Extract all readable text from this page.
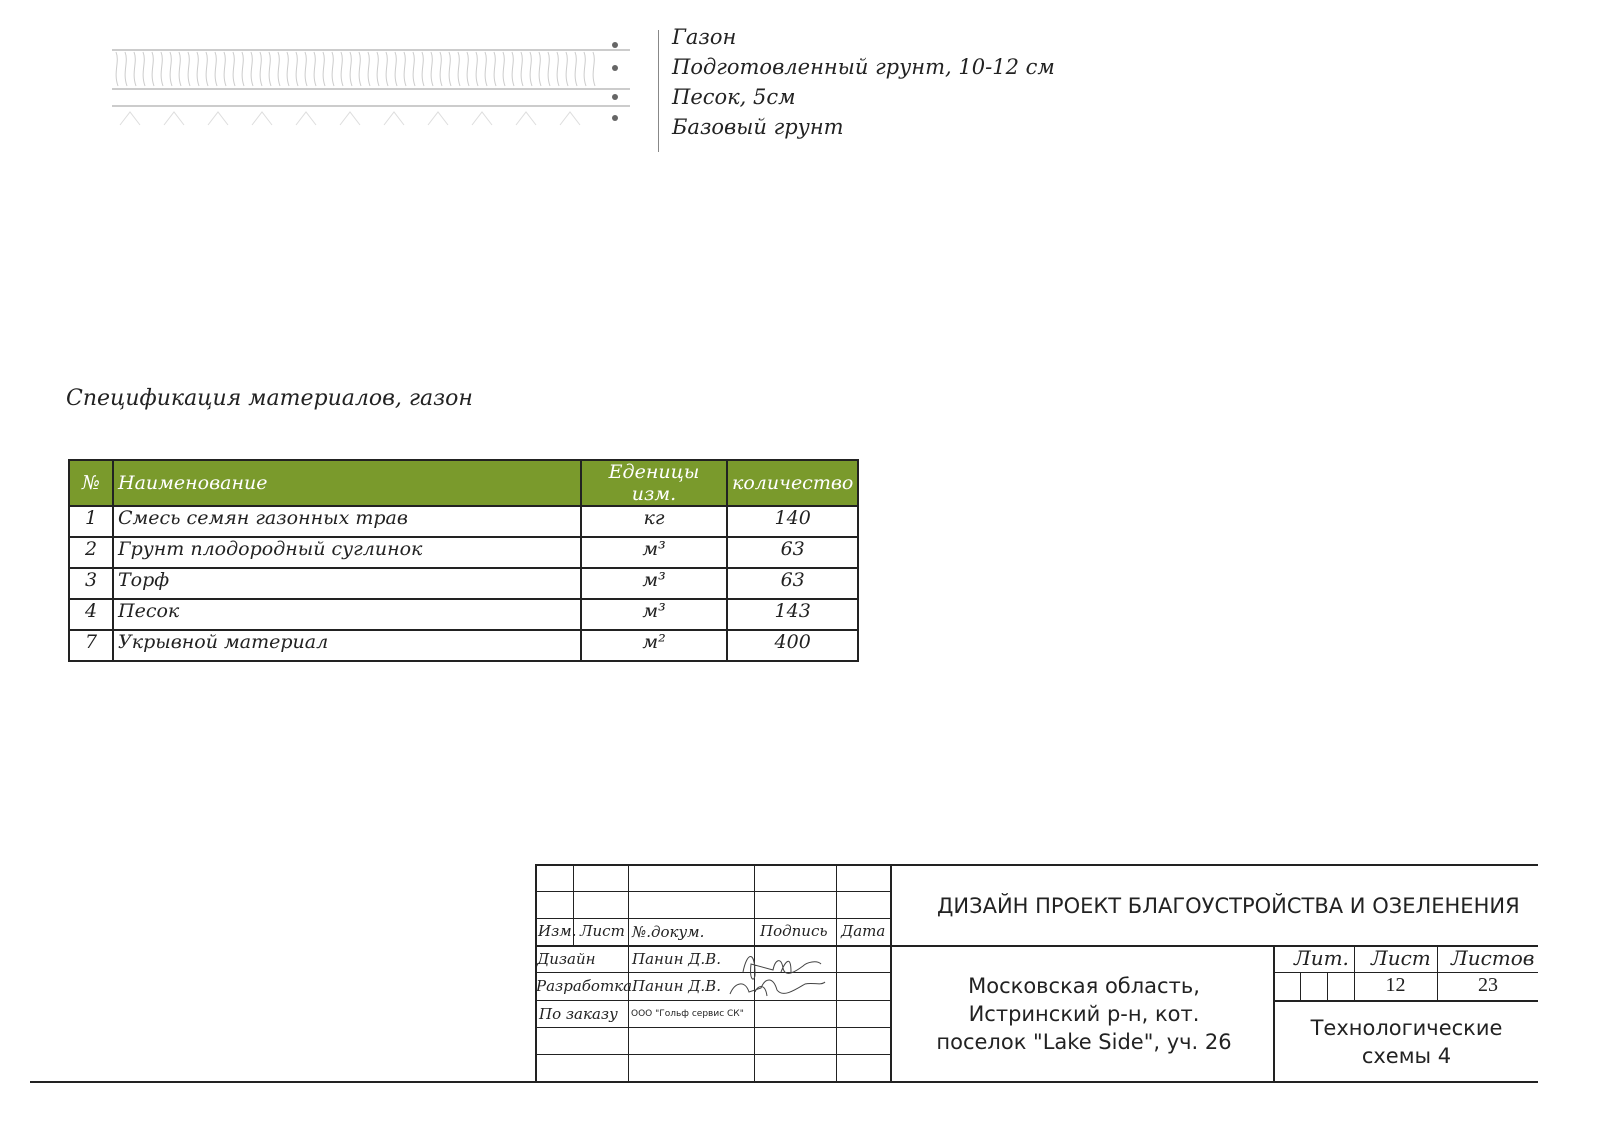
Газон
Подготовленный грунт, 10-12 см
Песок, 5см
Базовый грунт
Спецификация материалов, газон
№	Наименование	Еденицы изм.	количество
1	Смесь семян газонных трав	кг	140
2	Грунт плодородный суглинок	м³	63
3	Торф	м³	63
4	Песок	м³	143
7	Укрывной материал	м²	400
Изм. Лист №.докум.	Подпись Дата
Дизайн Панин Д.В.
Разработка Панин Д.В.
По заказу ООО "Гольф сервис СК"
ДИЗАЙН ПРОЕКТ БЛАГОУСТРОЙСТВА И ОЗЕЛЕНЕНИЯ
Московская область,
Истринский р-н, кот.
поселок "Lake Side", уч. 26
Лит. Лист Листов
12	23
Технологические
схемы 4
